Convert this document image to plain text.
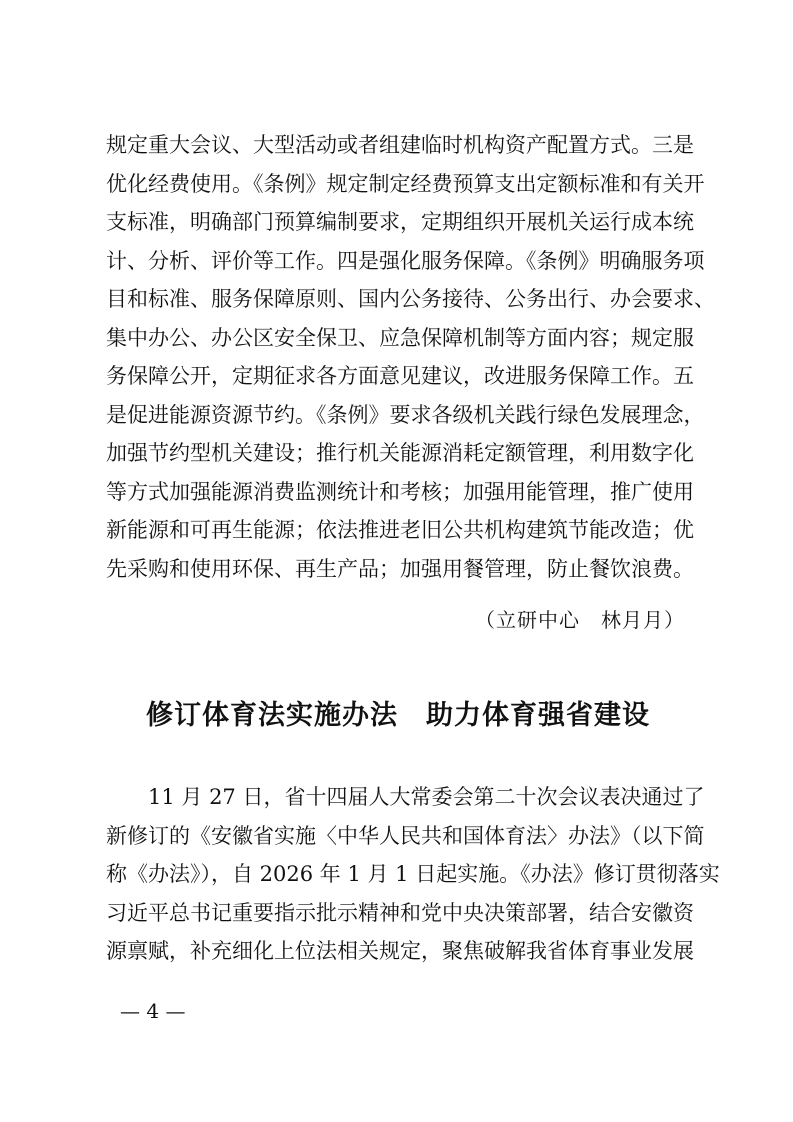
规定重大会议、大型活动或者组建临时机构资产配置方式。三是
优化经费使用。《条例》规定制定经费预算支出定额标准和有关开
支标准，明确部门预算编制要求，定期组织开展机关运行成本统
计、分析、评价等工作。四是强化服务保障。《条例》明确服务项
目和标准、服务保障原则、国内公务接待、公务出行、办会要求、
集中办公、办公区安全保卫、应急保障机制等方面内容；规定服
务保障公开，定期征求各方面意见建议，改进服务保障工作。五
是促进能源资源节约。《条例》要求各级机关践行绿色发展理念，
加强节约型机关建设；推行机关能源消耗定额管理，利用数字化
等方式加强能源消费监测统计和考核；加强用能管理，推广使用
新能源和可再生能源；依法推进老旧公共机构建筑节能改造；优
先采购和使用环保、再生产品；加强用餐管理，防止餐饮浪费。
（立研中心　林月月）
修订体育法实施办法　助力体育强省建设
11 月 27 日，省十四届人大常委会第二十次会议表决通过了
新修订的《安徽省实施〈中华人民共和国体育法〉办法》（以下简
称《办法》），自 2026 年 1 月 1 日起实施。《办法》修订贯彻落实
习近平总书记重要指示批示精神和党中央决策部署，结合安徽资
源禀赋，补充细化上位法相关规定，聚焦破解我省体育事业发展
— 4 —
